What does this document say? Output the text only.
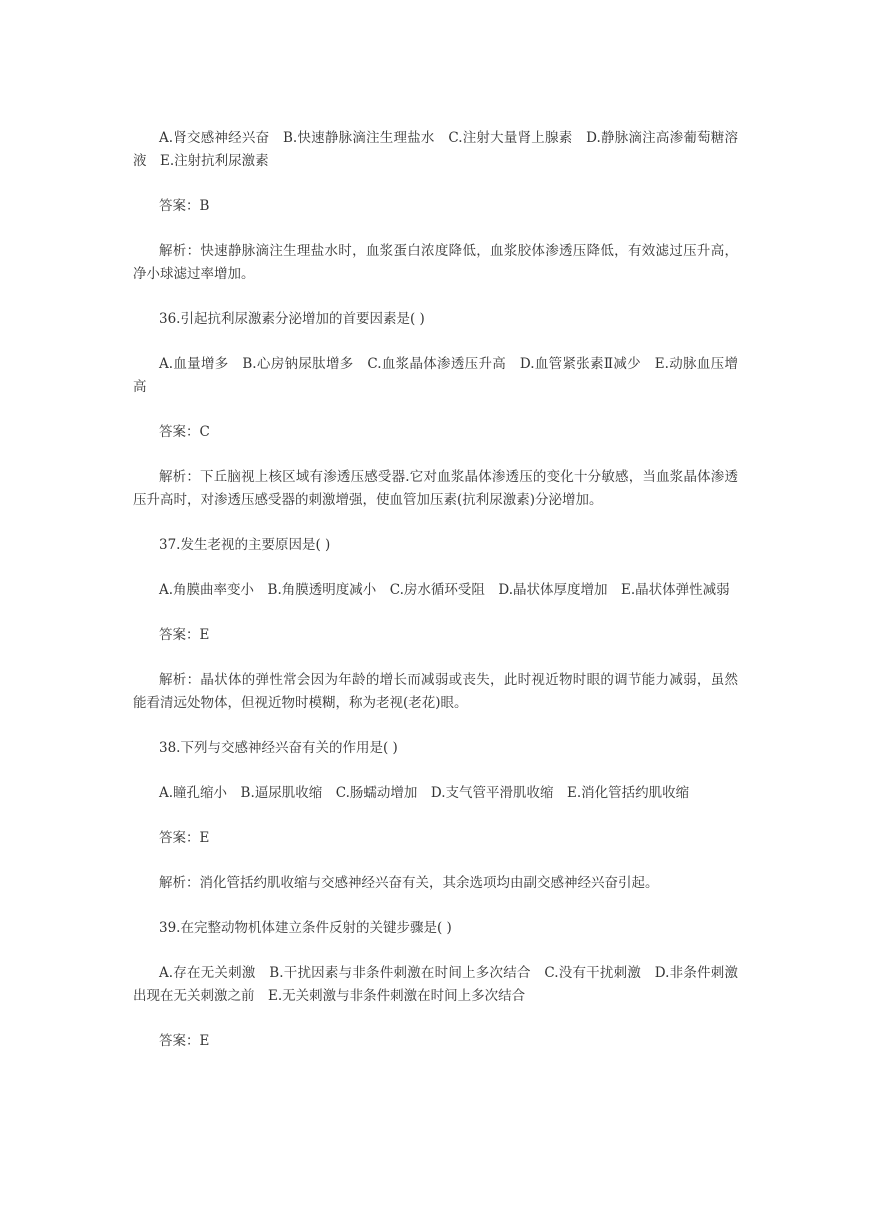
A.肾交感神经兴奋　B.快速静脉滴注生理盐水　C.注射大量肾上腺素　D.静脉滴注高渗葡萄糖溶液　E.注射抗利尿激素

答案：B

解析：快速静脉滴注生理盐水时，血浆蛋白浓度降低，血浆胶体渗透压降低，有效滤过压升高，净小球滤过率增加。

36.引起抗利尿激素分泌增加的首要因素是( )

A.血量增多　B.心房钠尿肽增多　C.血浆晶体渗透压升高　D.血管紧张素Ⅱ减少　E.动脉血压增高

答案：C

解析：下丘脑视上核区域有渗透压感受器.它对血浆晶体渗透压的变化十分敏感，当血浆晶体渗透压升高时，对渗透压感受器的刺激增强，使血管加压素(抗利尿激素)分泌增加。

37.发生老视的主要原因是( )

A.角膜曲率变小　B.角膜透明度减小　C.房水循环受阻　D.晶状体厚度增加　E.晶状体弹性减弱

答案：E

解析：晶状体的弹性常会因为年龄的增长而减弱或丧失，此时视近物时眼的调节能力减弱，虽然能看清远处物体，但视近物时模糊，称为老视(老花)眼。

38.下列与交感神经兴奋有关的作用是( )

A.瞳孔缩小　B.逼尿肌收缩　C.肠蠕动增加　D.支气管平滑肌收缩　E.消化管括约肌收缩

答案：E

解析：消化管括约肌收缩与交感神经兴奋有关，其余选项均由副交感神经兴奋引起。

39.在完整动物机体建立条件反射的关键步骤是( )

A.存在无关刺激　B.干扰因素与非条件刺激在时间上多次结合　C.没有干扰刺激　D.非条件刺激出现在无关刺激之前　E.无关刺激与非条件刺激在时间上多次结合

答案：E
